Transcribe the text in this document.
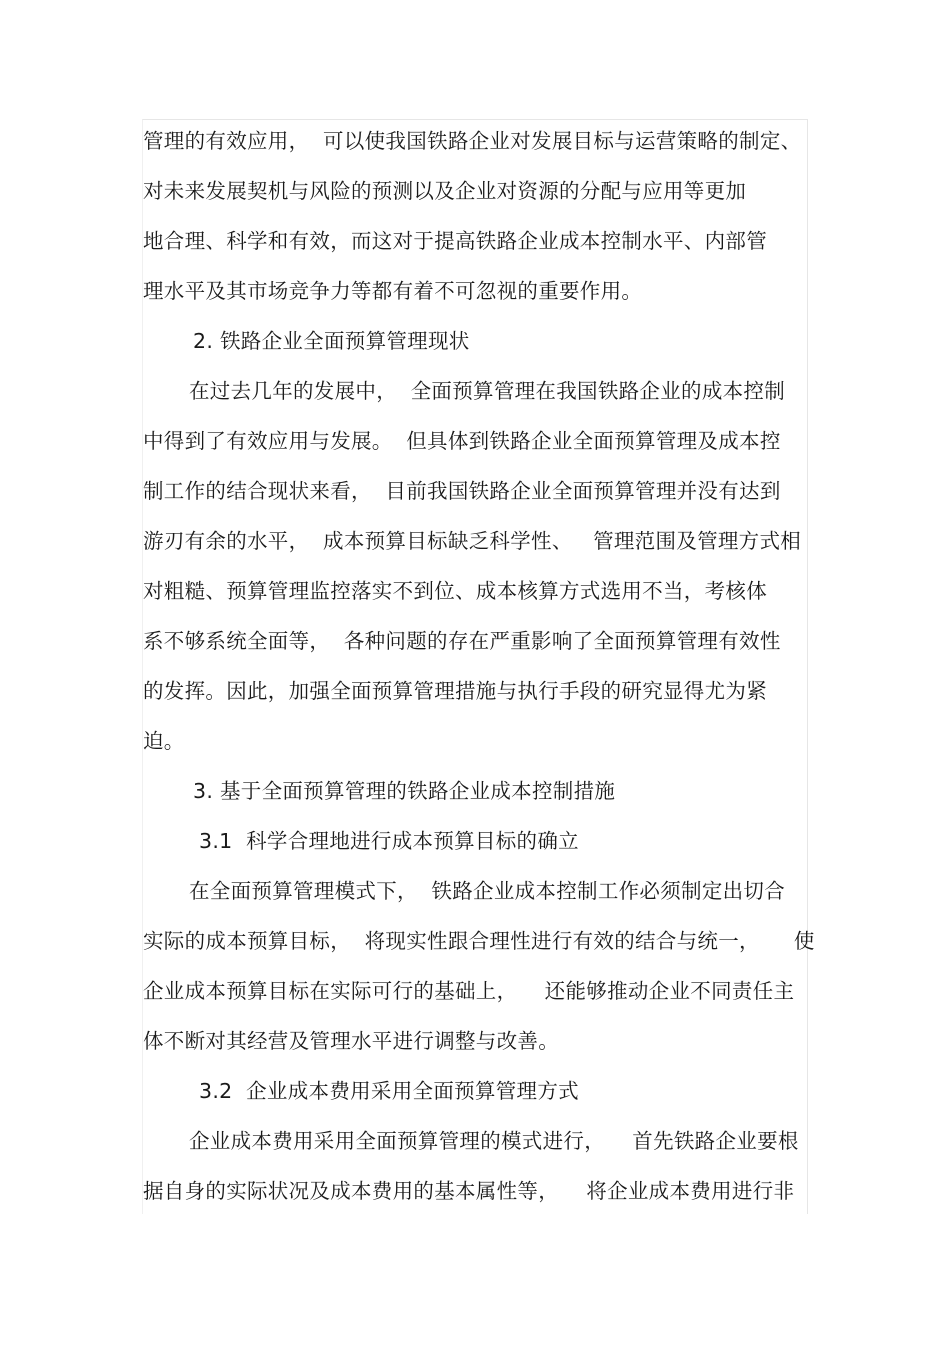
管理的有效应用，  可以使我国铁路企业对发展目标与运营策略的制定、
对未来发展契机与风险的预测以及企业对资源的分配与应用等更加
地合理、科学和有效，而这对于提高铁路企业成本控制水平、内部管
理水平及其市场竞争力等都有着不可忽视的重要作用。
2. 铁路企业全面预算管理现状
在过去几年的发展中，  全面预算管理在我国铁路企业的成本控制
中得到了有效应用与发展。  但具体到铁路企业全面预算管理及成本控
制工作的结合现状来看，  目前我国铁路企业全面预算管理并没有达到
游刃有余的水平，  成本预算目标缺乏科学性、   管理范围及管理方式相
对粗糙、预算管理监控落实不到位、成本核算方式选用不当，考核体
系不够系统全面等，  各种问题的存在严重影响了全面预算管理有效性
的发挥。因此，加强全面预算管理措施与执行手段的研究显得尤为紧
迫。
3. 基于全面预算管理的铁路企业成本控制措施
3.1  科学合理地进行成本预算目标的确立
在全面预算管理模式下，  铁路企业成本控制工作必须制定出切合
实际的成本预算目标，  将现实性跟合理性进行有效的结合与统一，     使
企业成本预算目标在实际可行的基础上，    还能够推动企业不同责任主
体不断对其经营及管理水平进行调整与改善。
3.2  企业成本费用采用全面预算管理方式
企业成本费用采用全面预算管理的模式进行，    首先铁路企业要根
据自身的实际状况及成本费用的基本属性等，    将企业成本费用进行非
